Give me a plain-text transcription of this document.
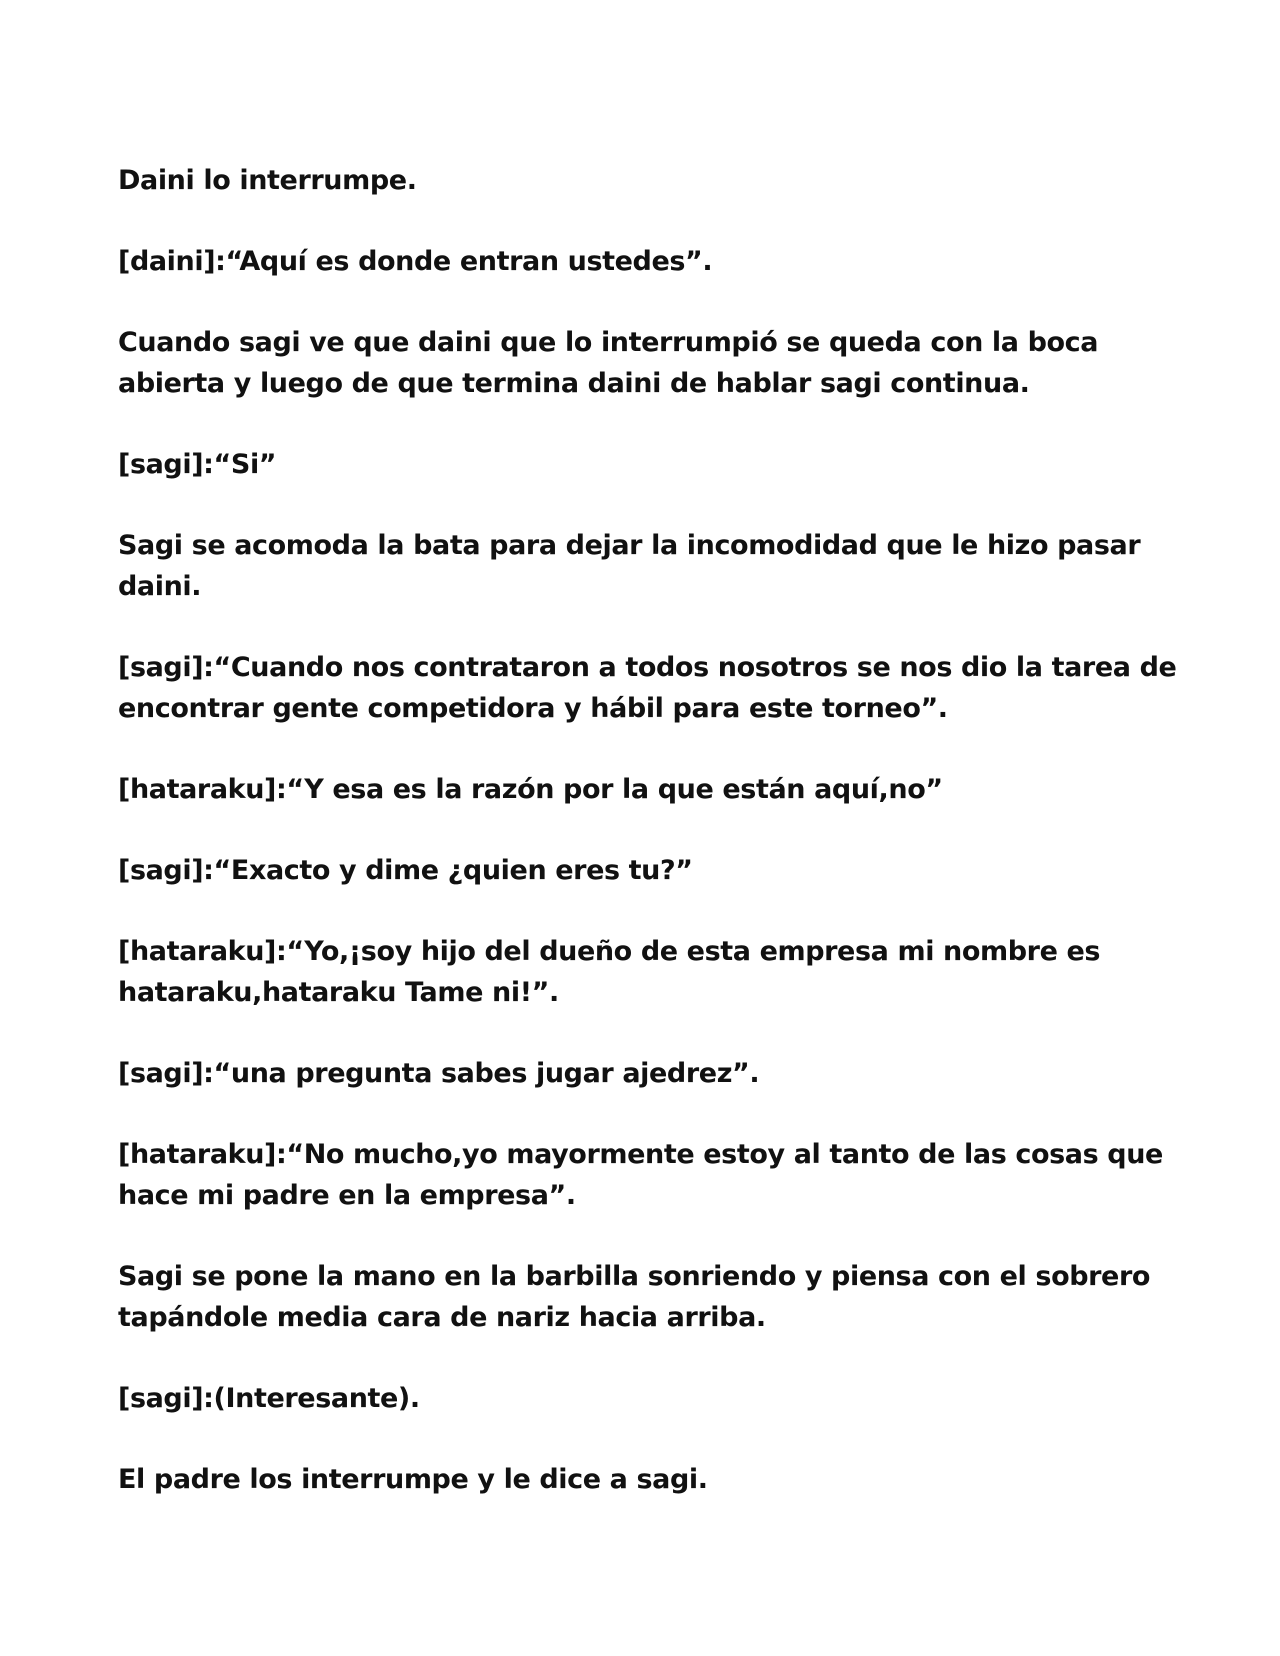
Daini lo interrumpe.

[daini]:“Aquí es donde entran ustedes”.

Cuando sagi ve que daini que lo interrumpió se queda con la boca abierta y luego de que termina daini de hablar sagi continua.

[sagi]:“Si”

Sagi se acomoda la bata para dejar la incomodidad que le hizo pasar daini.

[sagi]:“Cuando nos contrataron a todos nosotros se nos dio la tarea de encontrar gente competidora y hábil para este torneo”.

[hataraku]:“Y esa es la razón por la que están aquí,no”

[sagi]:“Exacto y dime ¿quien eres tu?”

[hataraku]:“Yo,¡soy hijo del dueño de esta empresa mi nombre es hataraku,hataraku Tame ni!”.

[sagi]:“una pregunta sabes jugar ajedrez”.

[hataraku]:“No mucho,yo mayormente estoy al tanto de las cosas que hace mi padre en la empresa”.

Sagi se pone la mano en la barbilla sonriendo y piensa con el sobrero tapándole media cara de nariz hacia arriba.

[sagi]:(Interesante).

El padre los interrumpe y le dice a sagi.
